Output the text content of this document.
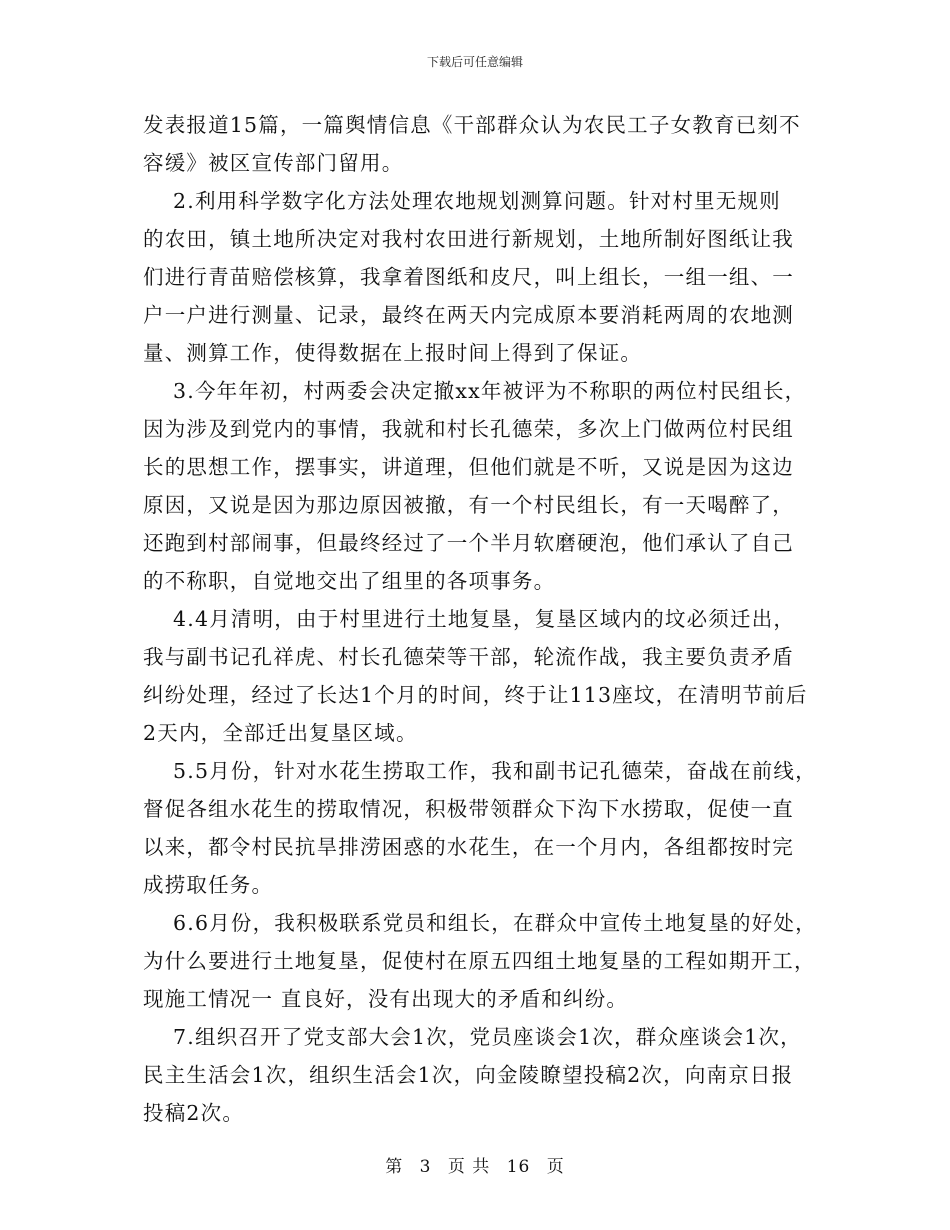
下载后可任意编辑
发表报道15篇，一篇舆情信息《干部群众认为农民工子女教育已刻不
容缓》被区宣传部门留用。
2.利用科学数字化方法处理农地规划测算问题。针对村里无规则
的农田，镇土地所决定对我村农田进行新规划，土地所制好图纸让我
们进行青苗赔偿核算，我拿着图纸和皮尺，叫上组长，一组一组、一
户一户进行测量、记录，最终在两天内完成原本要消耗两周的农地测
量、测算工作，使得数据在上报时间上得到了保证。
3.今年年初，村两委会决定撤xx年被评为不称职的两位村民组长，
因为涉及到党内的事情，我就和村长孔德荣，多次上门做两位村民组
长的思想工作，摆事实，讲道理，但他们就是不听，又说是因为这边
原因，又说是因为那边原因被撤，有一个村民组长，有一天喝醉了，
还跑到村部闹事，但最终经过了一个半月软磨硬泡，他们承认了自己
的不称职，自觉地交出了组里的各项事务。
4.4月清明，由于村里进行土地复垦，复垦区域内的坟必须迁出，
我与副书记孔祥虎、村长孔德荣等干部，轮流作战，我主要负责矛盾
纠纷处理，经过了长达1个月的时间，终于让113座坟，在清明节前后
2天内，全部迁出复垦区域。
5.5月份，针对水花生捞取工作，我和副书记孔德荣，奋战在前线，
督促各组水花生的捞取情况，积极带领群众下沟下水捞取，促使一直
以来，都令村民抗旱排涝困惑的水花生，在一个月内，各组都按时完
成捞取任务。
6.6月份，我积极联系党员和组长，在群众中宣传土地复垦的好处，
为什么要进行土地复垦，促使村在原五四组土地复垦的工程如期开工，
现施工情况一 直良好，没有出现大的矛盾和纠纷。
7.组织召开了党支部大会1次，党员座谈会1次，群众座谈会1次，
民主生活会1次，组织生活会1次，向金陵瞭望投稿2次，向南京日报
投稿2次。
第 3 页 共 16 页
